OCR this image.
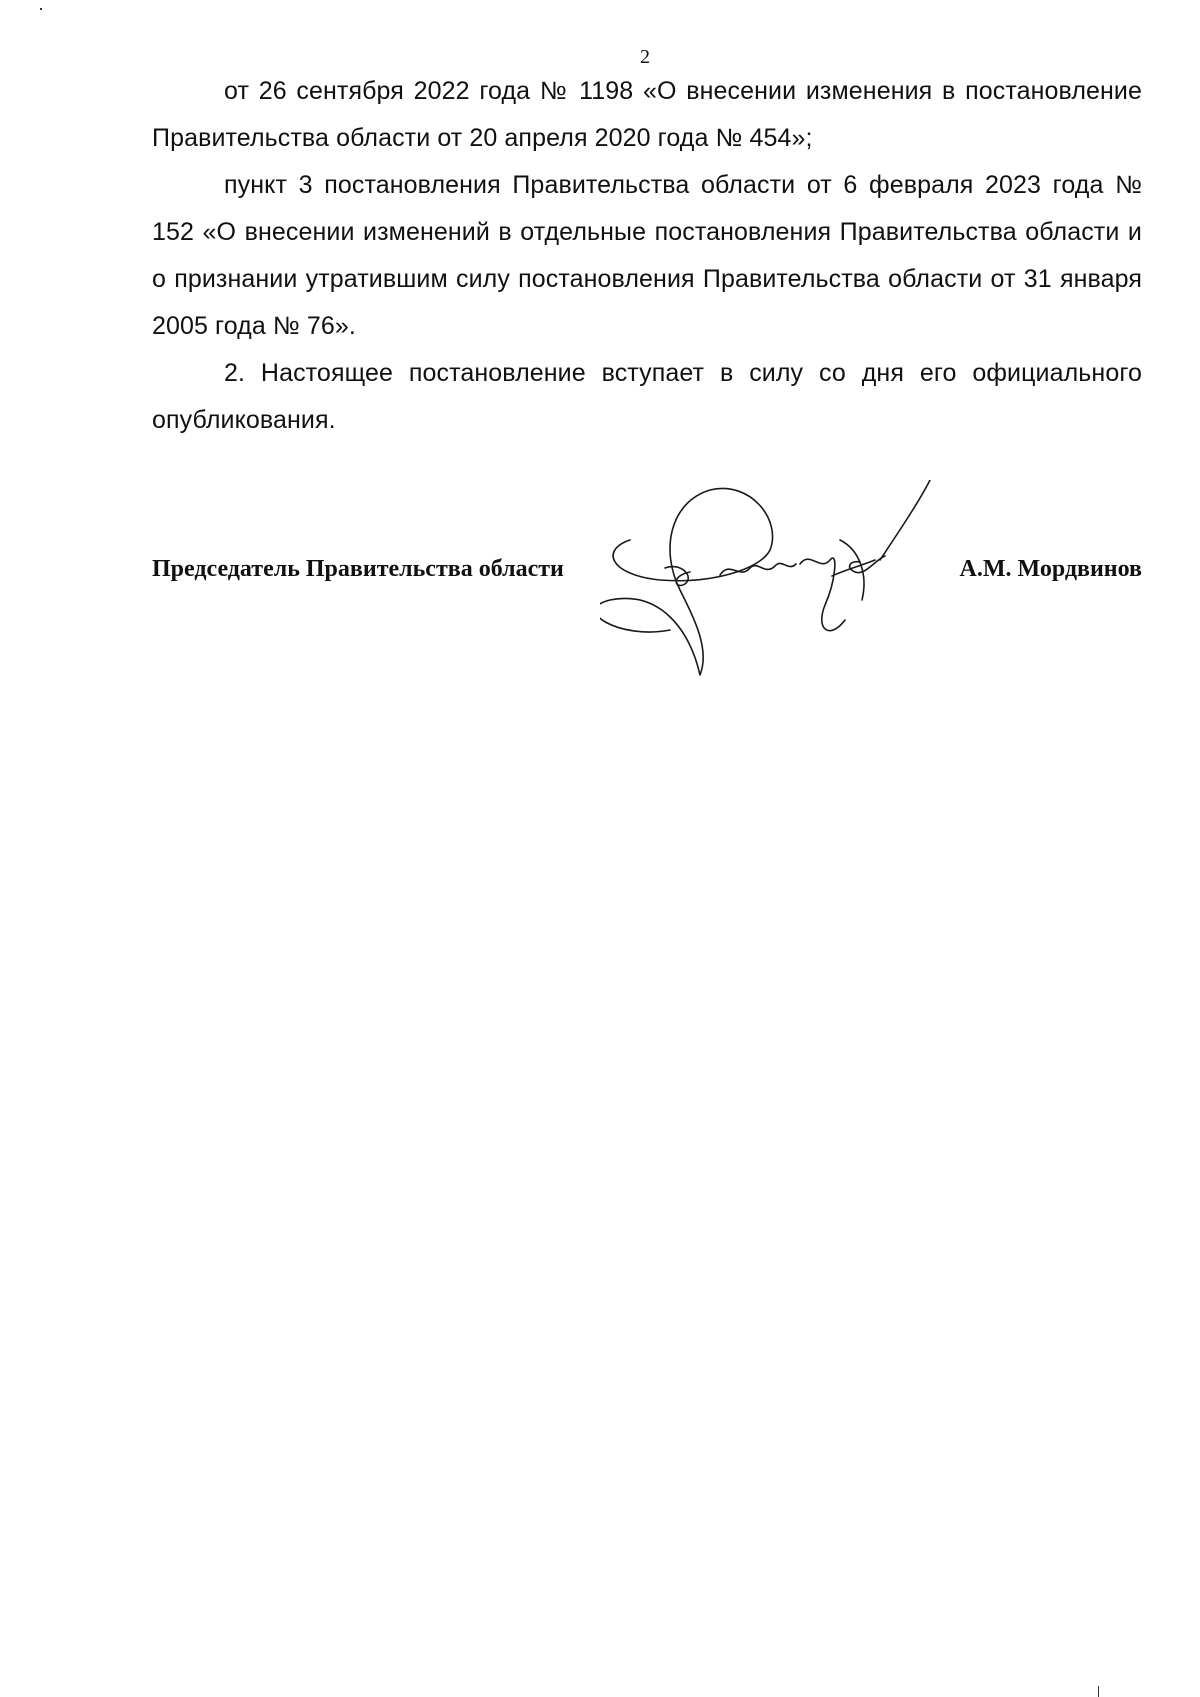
2

от 26 сентября 2022 года № 1198 «О внесении изменения в постановление Правительства области от 20 апреля 2020 года № 454»;

пункт 3 постановления Правительства области от 6 февраля 2023 года № 152 «О внесении изменений в отдельные постановления Правительства области и о признании утратившим силу постановления Правительства области от 31 января 2005 года № 76».

2. Настоящее постановление вступает в силу со дня его официального опубликования.

Председатель Правительства области	А.М. Мордвинов
